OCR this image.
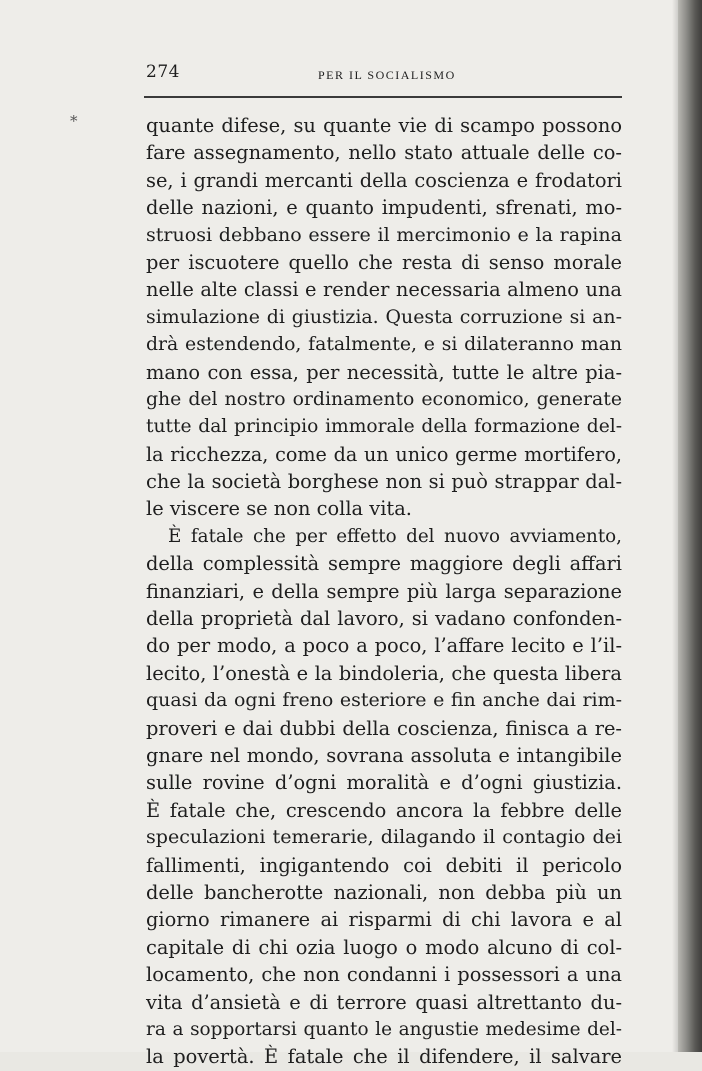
274	PER IL SOCIALISMO
*	quante difese, su quante vie di scampo possono
fare assegnamento, nello stato attuale delle co-
se, i grandi mercanti della coscienza e frodatori
delle nazioni, e quanto impudenti, sfrenati, mo-
struosi debbano essere il mercimonio e la rapina
per iscuotere quello che resta di senso morale
nelle alte classi e render necessaria almeno una
simulazione di giustizia. Questa corruzione si an-
drà estendendo, fatalmente, e si dilateranno man
mano con essa, per necessità, tutte le altre pia-
ghe del nostro ordinamento economico, generate
tutte dal principio immorale della formazione del-
la ricchezza, come da un unico germe mortifero,
che la società borghese non si può strappar dal-
le viscere se non colla vita.
È fatale che per effetto del nuovo avviamento,
della complessità sempre maggiore degli affari
finanziari, e della sempre più larga separazione
della proprietà dal lavoro, si vadano confonden-
do per modo, a poco a poco, l’affare lecito e l’il-
lecito, l’onestà e la bindoleria, che questa libera
quasi da ogni freno esteriore e fin anche dai rim-
proveri e dai dubbi della coscienza, finisca a re-
gnare nel mondo, sovrana assoluta e intangibile
sulle rovine d’ogni moralità e d’ogni giustizia.
È fatale che, crescendo ancora la febbre delle
speculazioni temerarie, dilagando il contagio dei
fallimenti, ingigantendo coi debiti il pericolo
delle bancherotte nazionali, non debba più un
giorno rimanere ai risparmi di chi lavora e al
capitale di chi ozia luogo o modo alcuno di col-
locamento, che non condanni i possessori a una
vita d’ansietà e di terrore quasi altrettanto du-
ra a sopportarsi quanto le angustie medesime del-
la povertà. È fatale che il difendere, il salvare
